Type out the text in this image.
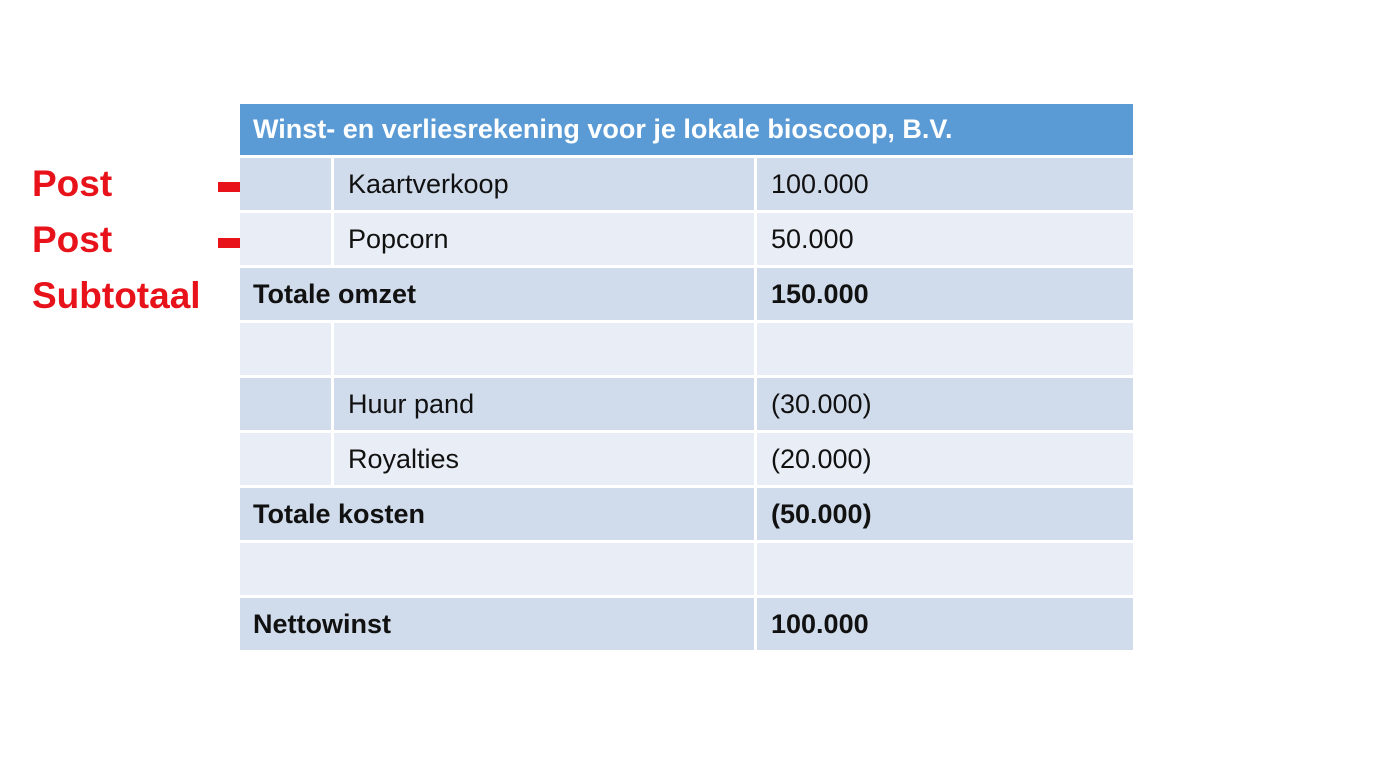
Post
Post
Subtotaal
Winst- en verliesrekening voor je lokale bioscoop, B.V.		
	Kaartverkoop	100.000
	Popcorn	50.000
Totale omzet		150.000

	Huur pand	(30.000)
	Royalties	(20.000)
Totale kosten		(50.000)

Nettowinst		100.000
